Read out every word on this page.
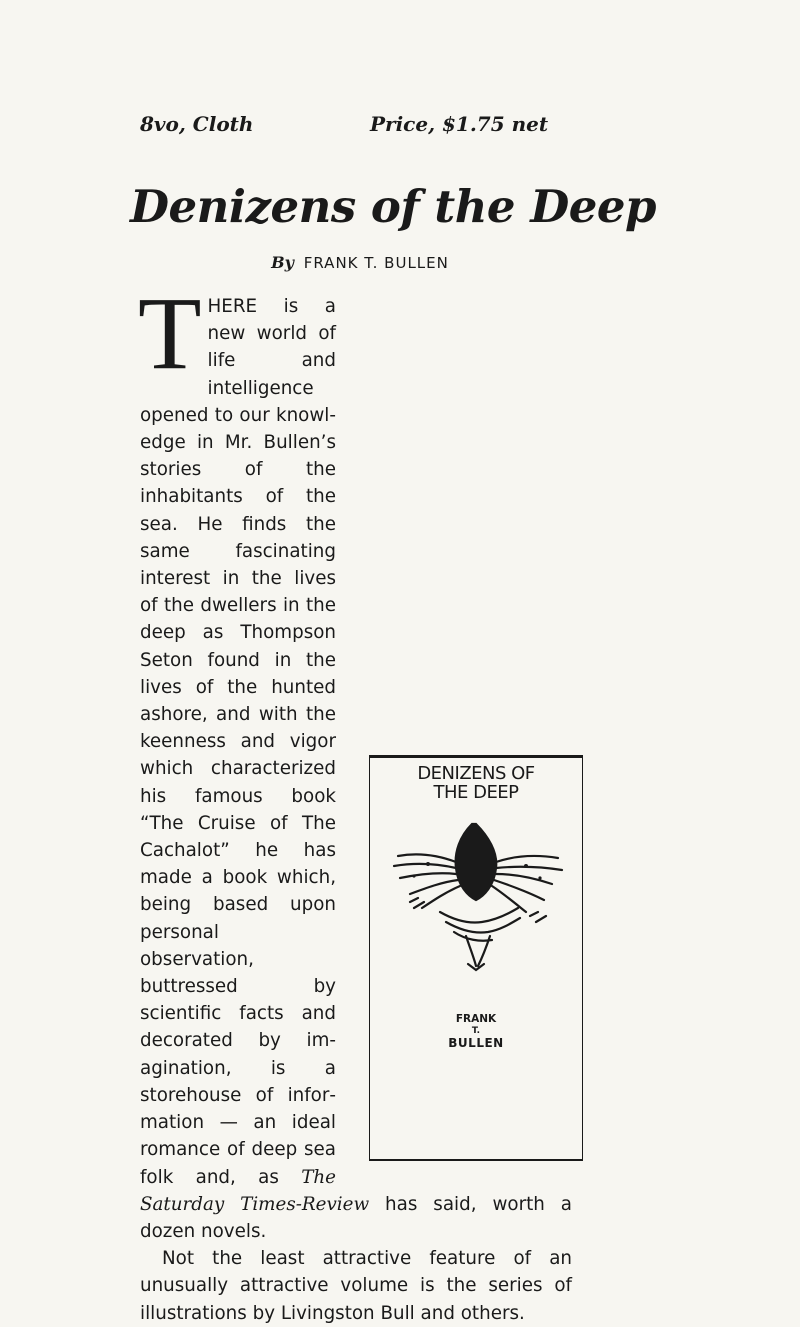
8vo, Cloth	Price, $1.75 net
Denizens of the Deep
By FRANK T. BULLEN
T HERE is a new world of life and intelligence opened to our knowledge in Mr. Bullen’s stories of the inhabitants of the sea. He finds the same fascinating interest in the lives of the dwellers in the deep as Thompson Seton found in the lives of the hunted ashore, and with the keenness and vigor which characterized his famous book “The Cruise of The Cachalot” he has made a book which, being based upon personal observation, buttressed by scientific facts and decorated by imagination, is a storehouse of information — an ideal romance of deep sea folk and, as The Saturday Times-Review has said, worth a dozen novels.
Not the least attractive feature of an unusually attractive volume is the series of illustrations by Livingston Bull and others.
DENIZENS OF
THE DEEP
FRANK
T.
BULLEN
